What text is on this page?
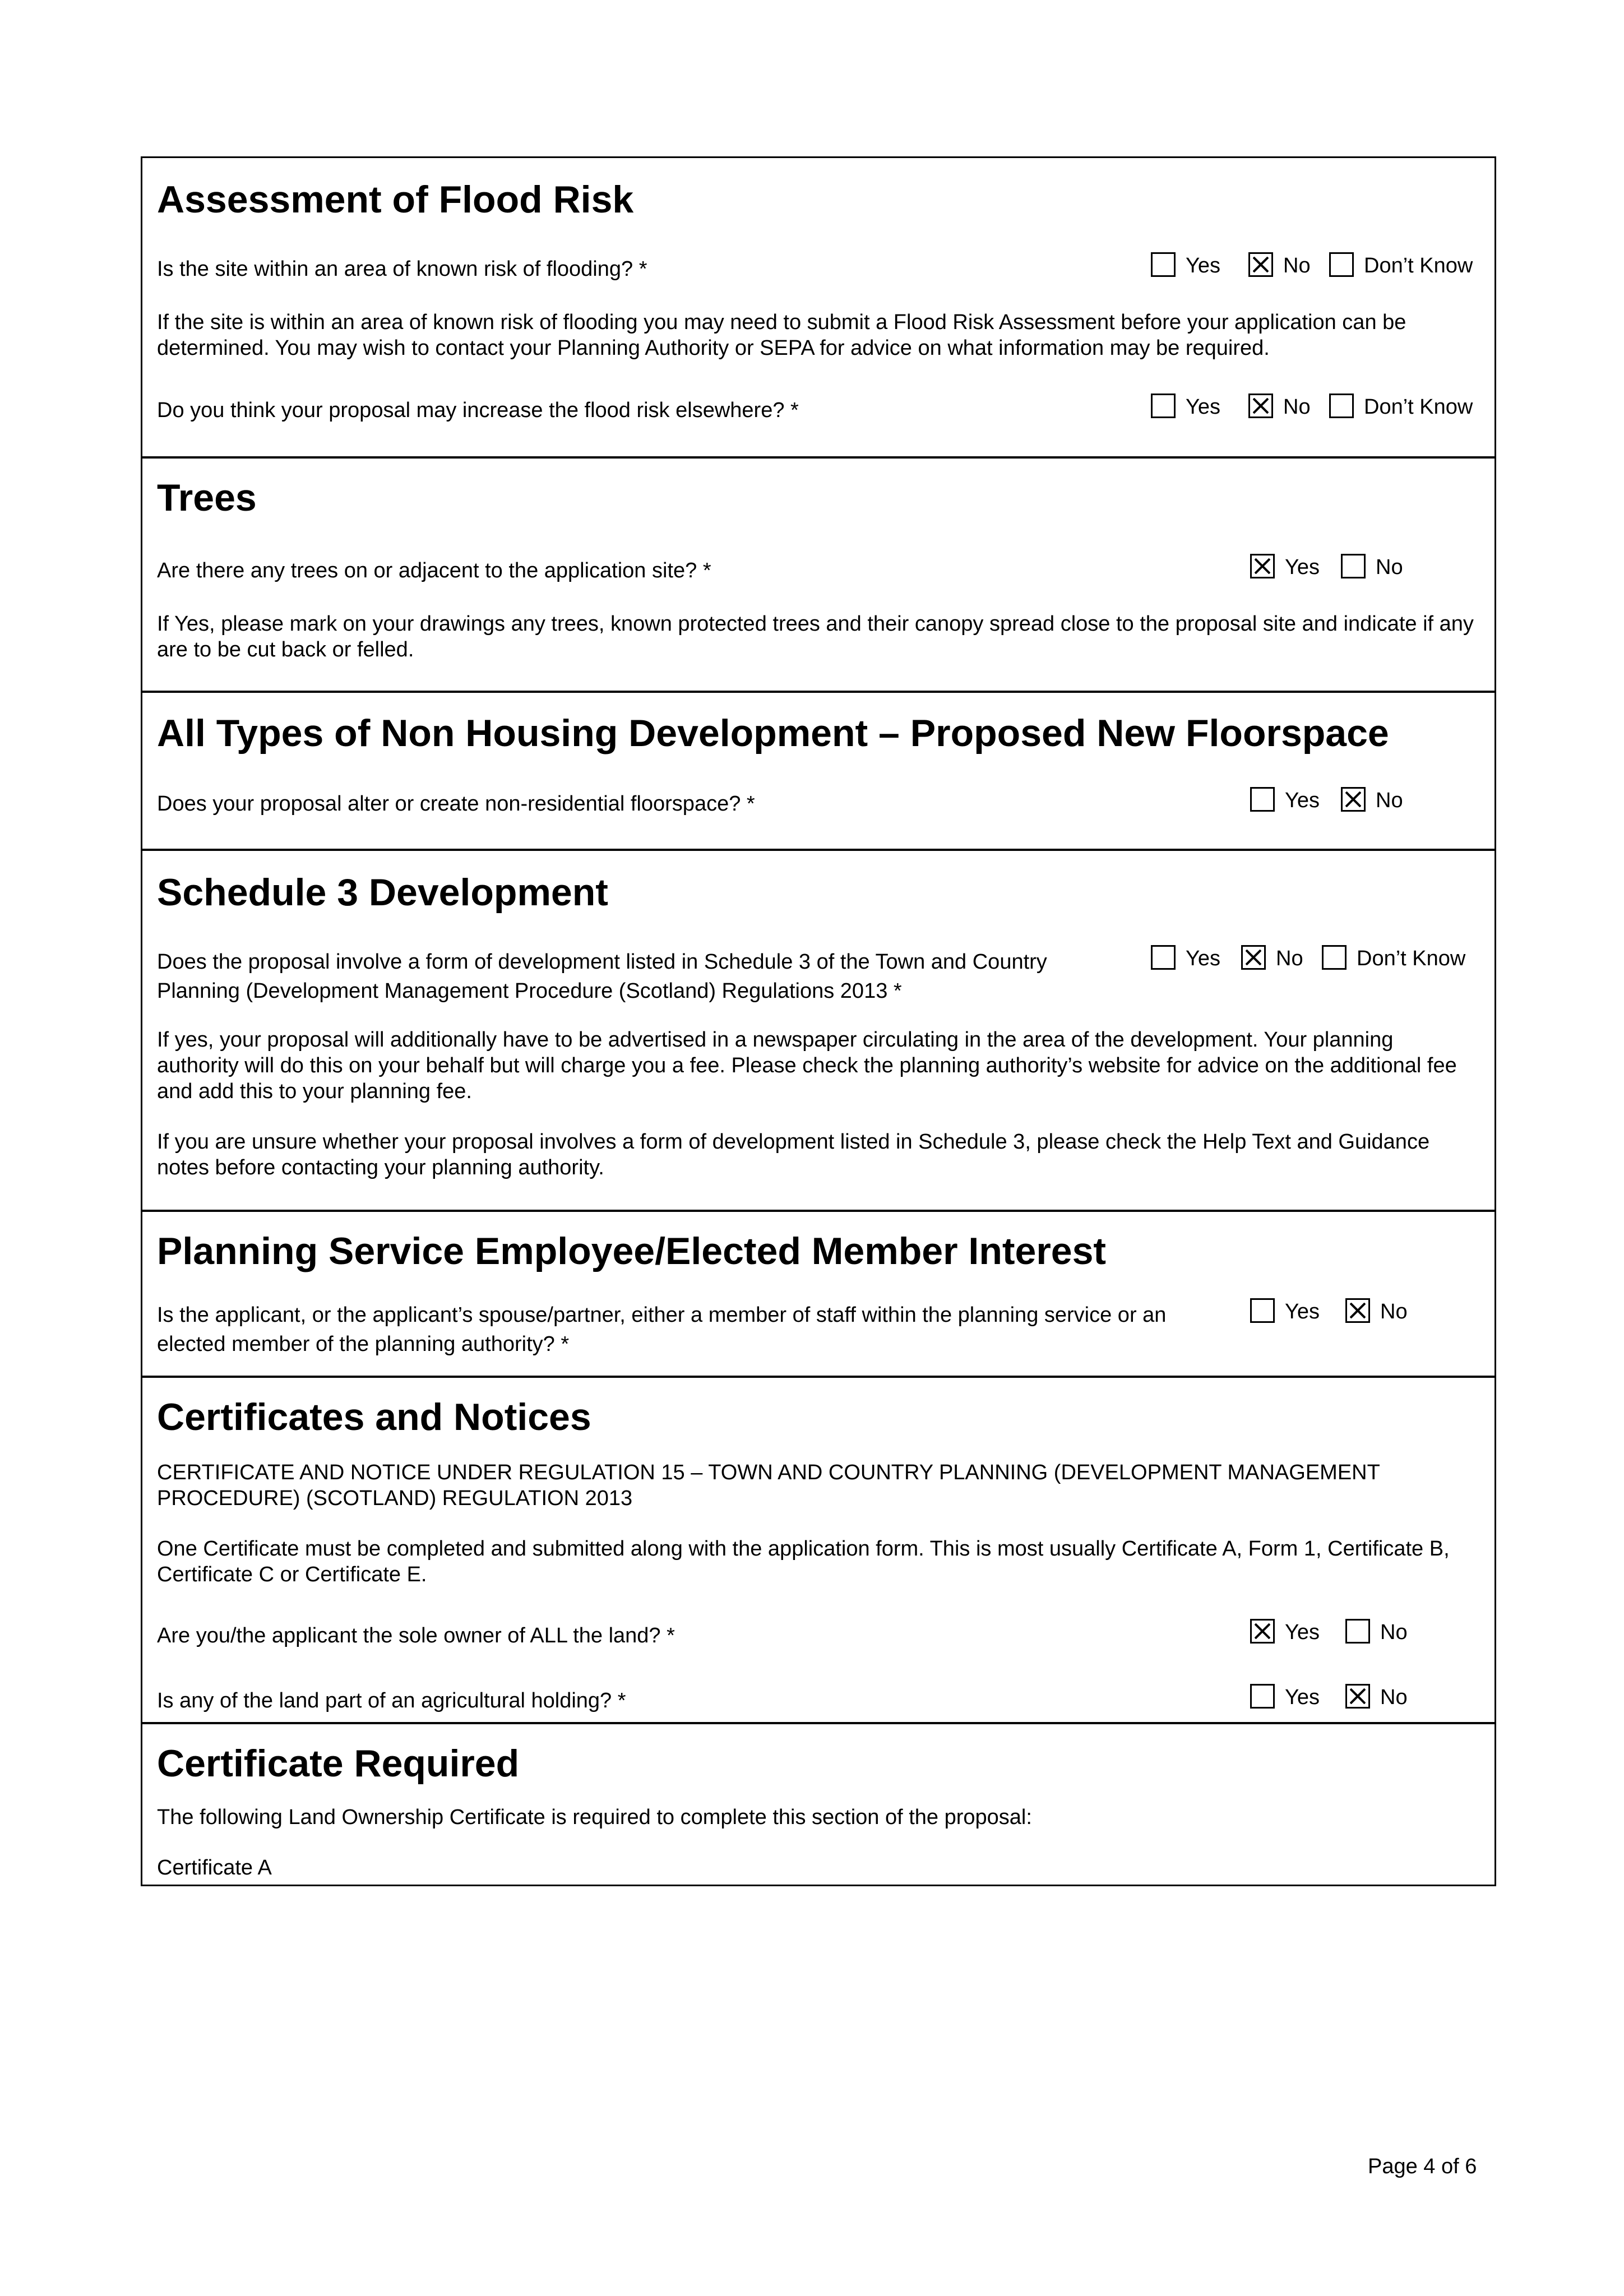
Assessment of Flood Risk

Is the site within an area of known risk of flooding? *	Yes	No	Don’t Know

If the site is within an area of known risk of flooding you may need to submit a Flood Risk Assessment before your application can be determined. You may wish to contact your Planning Authority or SEPA for advice on what information may be required.

Do you think your proposal may increase the flood risk elsewhere? *	Yes	No	Don’t Know
Trees

Are there any trees on or adjacent to the application site? *	Yes	No

If Yes, please mark on your drawings any trees, known protected trees and their canopy spread close to the proposal site and indicate if any are to be cut back or felled.

All Types of Non Housing Development – Proposed New Floorspace

Does your proposal alter or create non-residential floorspace? *	Yes	No
Schedule 3 Development

Does the proposal involve a form of development listed in Schedule 3 of the Town and Country

Planning (Development Management Procedure (Scotland) Regulations 2013 *

Yes	No	Don’t Know

If yes, your proposal will additionally have to be advertised in a newspaper circulating in the area of the development. Your planning authority will do this on your behalf but will charge you a fee. Please check the planning authority’s website for advice on the additional fee and add this to your planning fee.

If you are unsure whether your proposal involves a form of development listed in Schedule 3, please check the Help Text and Guidance notes before contacting your planning authority.

Planning Service Employee/Elected Member Interest

Is the applicant, or the applicant’s spouse/partner, either a member of staff within the planning service or an

elected member of the planning authority? *

Yes	No
Certificates and Notices

CERTIFICATE AND NOTICE UNDER REGULATION 15 – TOWN AND COUNTRY PLANNING (DEVELOPMENT MANAGEMENT PROCEDURE) (SCOTLAND) REGULATION 2013

One Certificate must be completed and submitted along with the application form. This is most usually Certificate A, Form 1, Certificate B, Certificate C or Certificate E.

Are you/the applicant the sole owner of ALL the land? *	Yes	No

Is any of the land part of an agricultural holding? *	Yes	No
Certificate Required

The following Land Ownership Certificate is required to complete this section of the proposal:

Certificate A

Page 4 of 6
